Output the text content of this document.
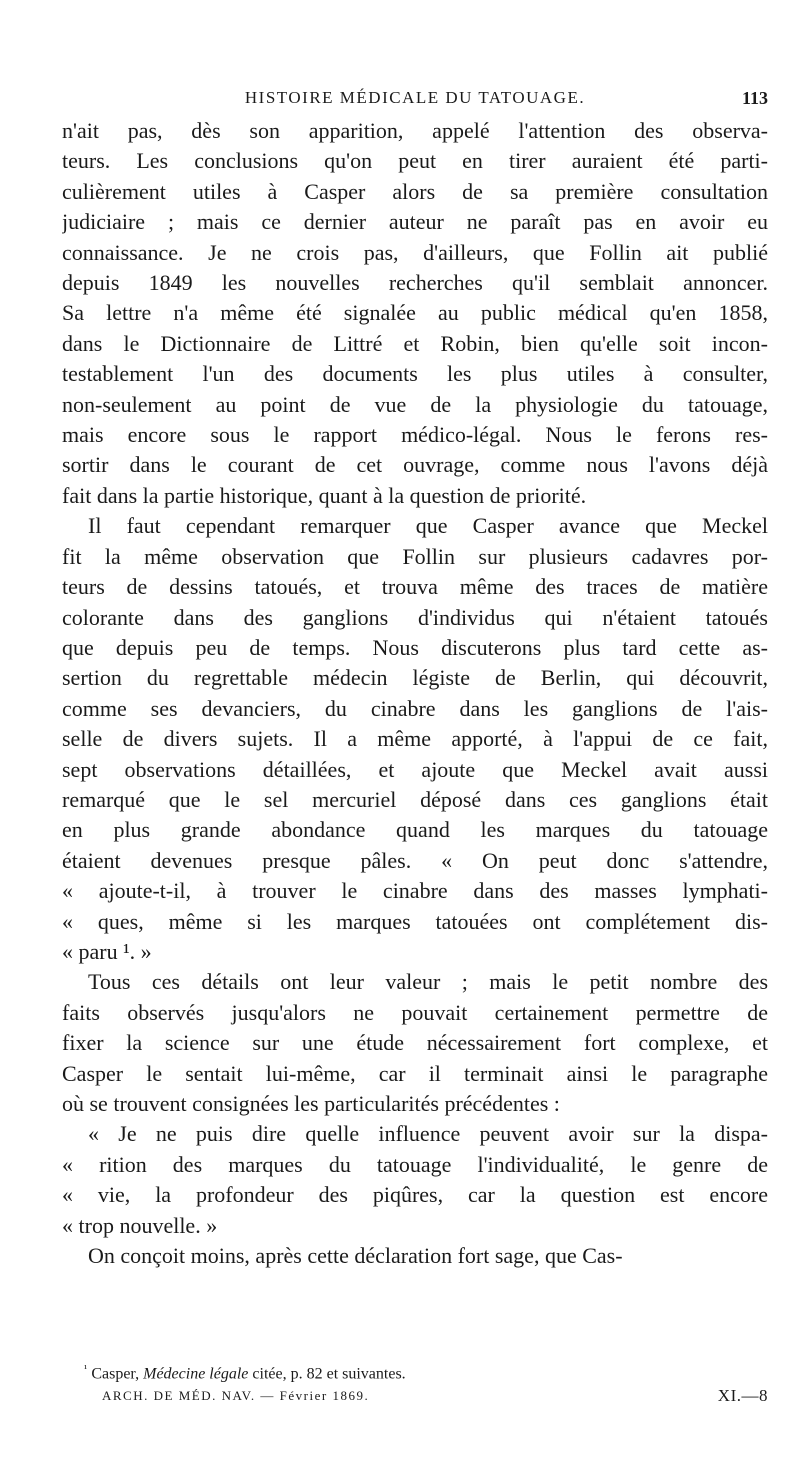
HISTOIRE MÉDICALE DU TATOUAGE.	113
n'ait pas, dès son apparition, appelé l'attention des observa-
teurs. Les conclusions qu'on peut en tirer auraient été parti-
culièrement utiles à Casper alors de sa première consultation
judiciaire ; mais ce dernier auteur ne paraît pas en avoir eu
connaissance. Je ne crois pas, d'ailleurs, que Follin ait publié
depuis 1849 les nouvelles recherches qu'il semblait annoncer.
Sa lettre n'a même été signalée au public médical qu'en 1858,
dans le Dictionnaire de Littré et Robin, bien qu'elle soit incon-
testablement l'un des documents les plus utiles à consulter,
non-seulement au point de vue de la physiologie du tatouage,
mais encore sous le rapport médico-légal. Nous le ferons res-
sortir dans le courant de cet ouvrage, comme nous l'avons déjà
fait dans la partie historique, quant à la question de priorité.
Il faut cependant remarquer que Casper avance que Meckel
fit la même observation que Follin sur plusieurs cadavres por-
teurs de dessins tatoués, et trouva même des traces de matière
colorante dans des ganglions d'individus qui n'étaient tatoués
que depuis peu de temps. Nous discuterons plus tard cette as-
sertion du regrettable médecin légiste de Berlin, qui découvrit,
comme ses devanciers, du cinabre dans les ganglions de l'ais-
selle de divers sujets. Il a même apporté, à l'appui de ce fait,
sept observations détaillées, et ajoute que Meckel avait aussi
remarqué que le sel mercuriel déposé dans ces ganglions était
en plus grande abondance quand les marques du tatouage
étaient devenues presque pâles. « On peut donc s'attendre,
« ajoute-t-il, à trouver le cinabre dans des masses lymphati-
« ques, même si les marques tatouées ont complétement dis-
« paru ¹. »
Tous ces détails ont leur valeur ; mais le petit nombre des
faits observés jusqu'alors ne pouvait certainement permettre de
fixer la science sur une étude nécessairement fort complexe, et
Casper le sentait lui-même, car il terminait ainsi le paragraphe
où se trouvent consignées les particularités précédentes :
« Je ne puis dire quelle influence peuvent avoir sur la dispa-
« rition des marques du tatouage l'individualité, le genre de
« vie, la profondeur des piqûres, car la question est encore
« trop nouvelle. »
On conçoit moins, après cette déclaration fort sage, que Cas-
$^{^1}$ Casper, Médecine légale citée, p. 82 et suivantes.
ARCH. DE MÉD. NAV. — Février 1869.	XI.—8
